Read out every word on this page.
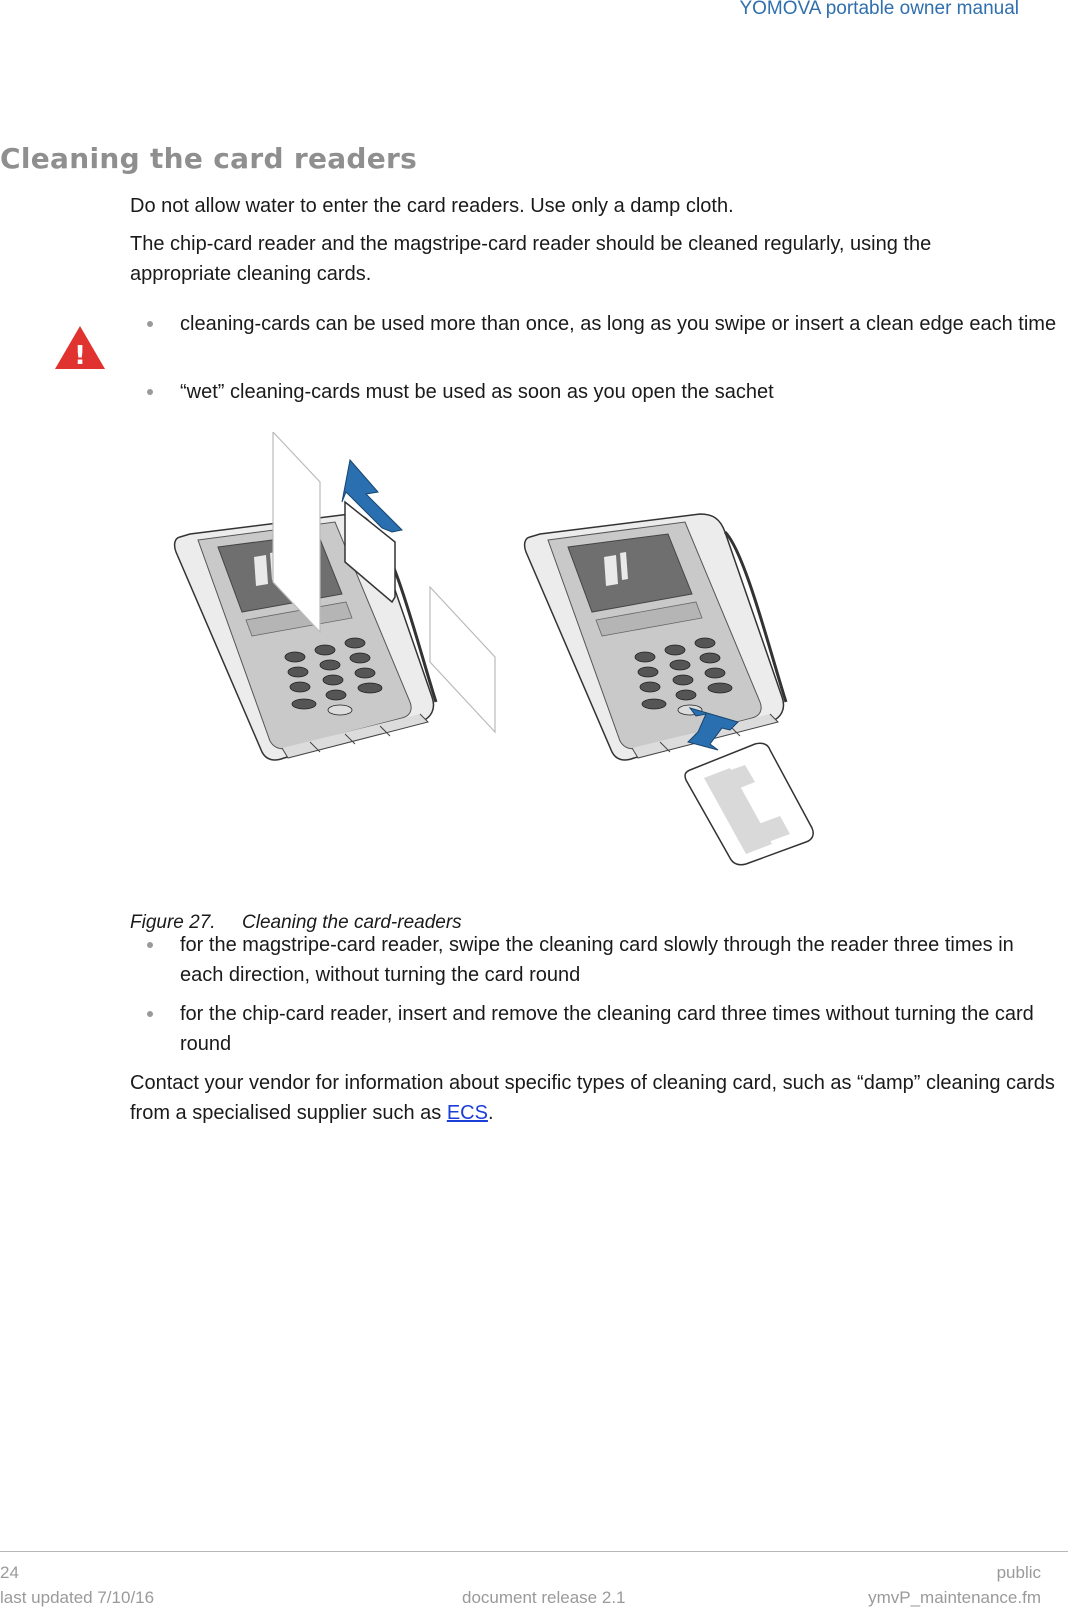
YOMOVA portable owner manual
Cleaning the card readers

Do not allow water to enter the card readers. Use only a damp cloth.

The chip-card reader and the magstripe-card reader should be cleaned regularly, using the appropriate cleaning cards.

!
cleaning-cards can be used more than once, as long as you swipe or insert a clean edge each time
“wet” cleaning-cards must be used as soon as you open the sachet
Figure 27. Cleaning the card-readers
for the magstripe-card reader, swipe the cleaning card slowly through the reader three times in each direction, without turning the card round
for the chip-card reader, insert and remove the cleaning card three times without turning the card round

Contact your vendor for information about specific types of cleaning card, such as “damp” cleaning cards from a specialised supplier such as ECS.

24	public
last updated 7/10/16	document release 2.1	ymvP_maintenance.fm
